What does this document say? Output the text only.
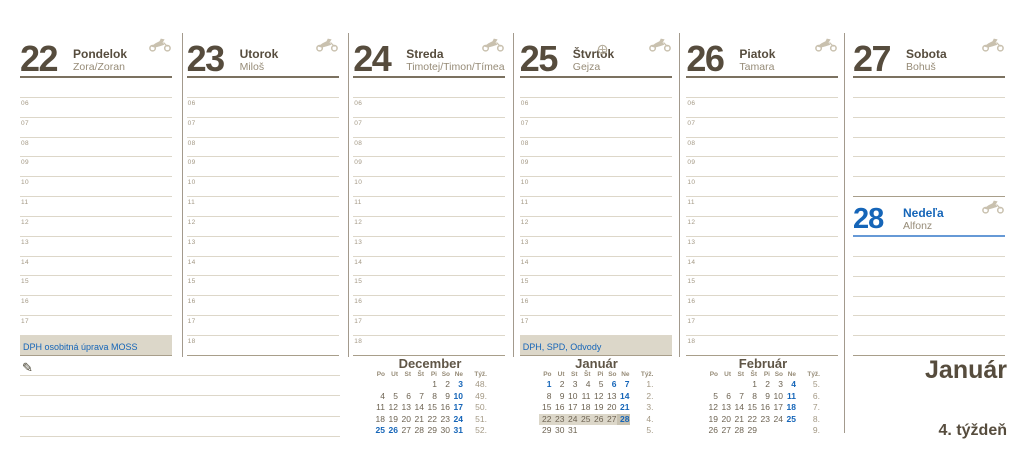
22 Pondelok
Zora/Zoran
06
07
08
09
10
11
12
13
14
15
16
17
DPH osobitná úprava MOSS
23 Utorok
Miloš
06
07
08
09
10
11
12
13
14
15
16
17
18
24 Streda
Timotej/Timon/Tímea
06
07
08
09
10
11
12
13
14
15
16
17
18
25 Štvrtok
Gejza
06
07
08
09
10
11
12
13
14
15
16
17
DPH, SPD, Odvody
26 Piatok
Tamara
06
07
08
09
10
11
12
13
14
15
16
17
18
27 Sobota
Bohuš
28 Nedeľa
Alfonz
✎	December
Po	Ut	St	Št	Pi	So	Ne	Týž.
				1	2	3	48.
4	5	6	7	8	9	10	49.
11	12	13	14	15	16	17	50.
18	19	20	21	22	23	24	51.
25	26	27	28	29	30	31	52.
Január
Po	Ut	St	Št	Pi	So	Ne	Týž.
1	2	3	4	5	6	7	1.
8	9	10	11	12	13	14	2.
15	16	17	18	19	20	21	3.
22	23	24	25	26	27	28	4.
29	30	31					5.
Február
Po	Ut	St	Št	Pi	So	Ne	Týž.
			1	2	3	4	5.
5	6	7	8	9	10	11	6.
12	13	14	15	16	17	18	7.
19	20	21	22	23	24	25	8.
26	27	28	29				9.
Január
4. týždeň
